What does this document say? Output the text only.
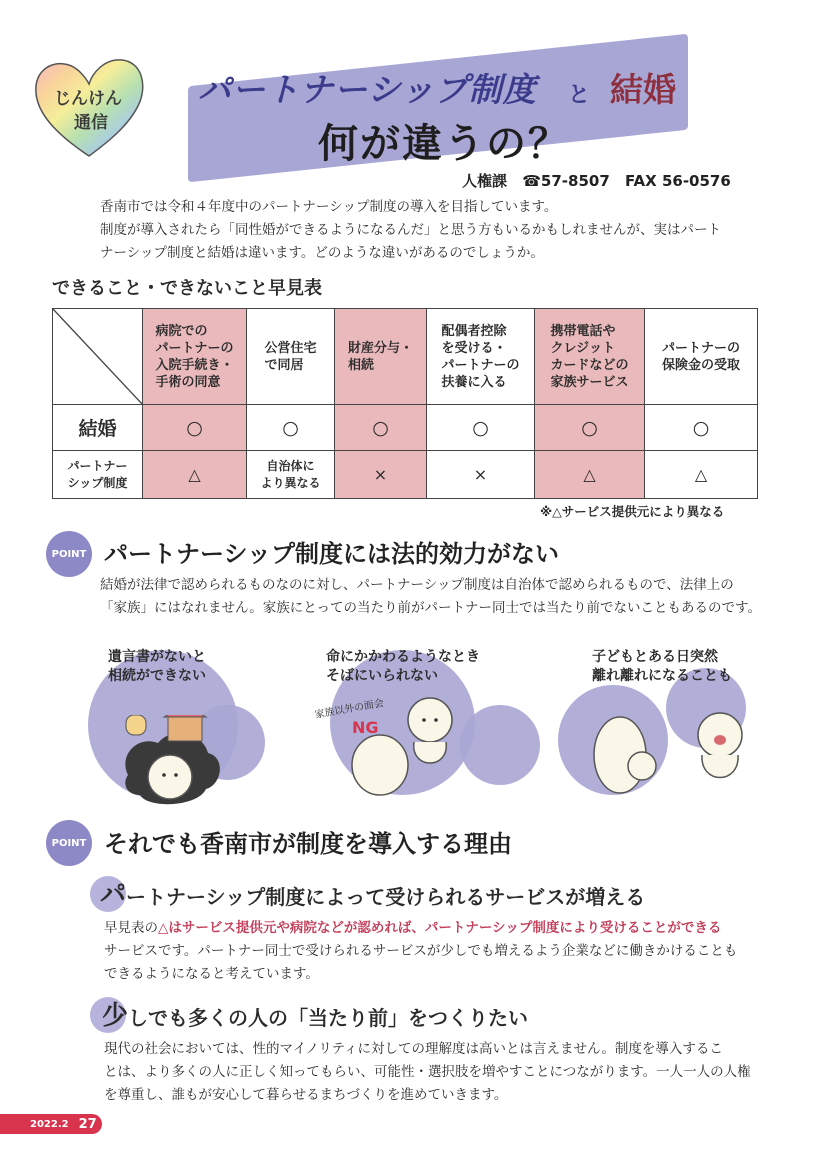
じんけん
通信
パートナーシップ制度 と 結婚
何が違うの？
人権課 ☎57-8507 FAX 56-0576
香南市では令和４年度中のパートナーシップ制度の導入を目指しています。
制度が導入されたら「同性婚ができるようになるんだ」と思う方もいるかもしれませんが、実はパート
ナーシップ制度と結婚は違います。どのような違いがあるのでしょうか。
できること・できないこと早見表
	病院での
パートナーの
入院手続き・
手術の同意	公営住宅
で同居	財産分与・
相続	配偶者控除
を受ける・
パートナーの
扶養に入る	携帯電話や
クレジット
カードなどの
家族サービス	パートナーの
保険金の受取
結婚	○	○	○	○	○	○
パートナー
シップ制度	△	自治体に
より異なる	×	×	△	△
※△サービス提供元により異なる
POINT パートナーシップ制度には法的効力がない
結婚が法律で認められるものなのに対し、パートナーシップ制度は自治体で認められるもので、法律上の
「家族」にはなれません。家族にとっての当たり前がパートナー同士では当たり前でないこともあるのです。
遺言書がないと
相続ができない
命にかかわるようなとき
そばにいられない
家族以外の面会
NG
子どもとある日突然
離れ離れになることも
POINT それでも香南市が制度を導入する理由
パ ートナーシップ制度によって受けられるサービスが増える
早見表の△はサービス提供元や病院などが認めれば、パートナーシップ制度により受けることができる
サービスです。パートナー同士で受けられるサービスが少しでも増えるよう企業などに働きかけることも
できるようになると考えています。
少 しでも多くの人の「当たり前」をつくりたい
現代の社会においては、性的マイノリティに対しての理解度は高いとは言えません。制度を導入するこ
とは、より多くの人に正しく知ってもらい、可能性・選択肢を増やすことにつながります。一人一人の人権
を尊重し、誰もが安心して暮らせるまちづくりを進めていきます。
2022.2 27
